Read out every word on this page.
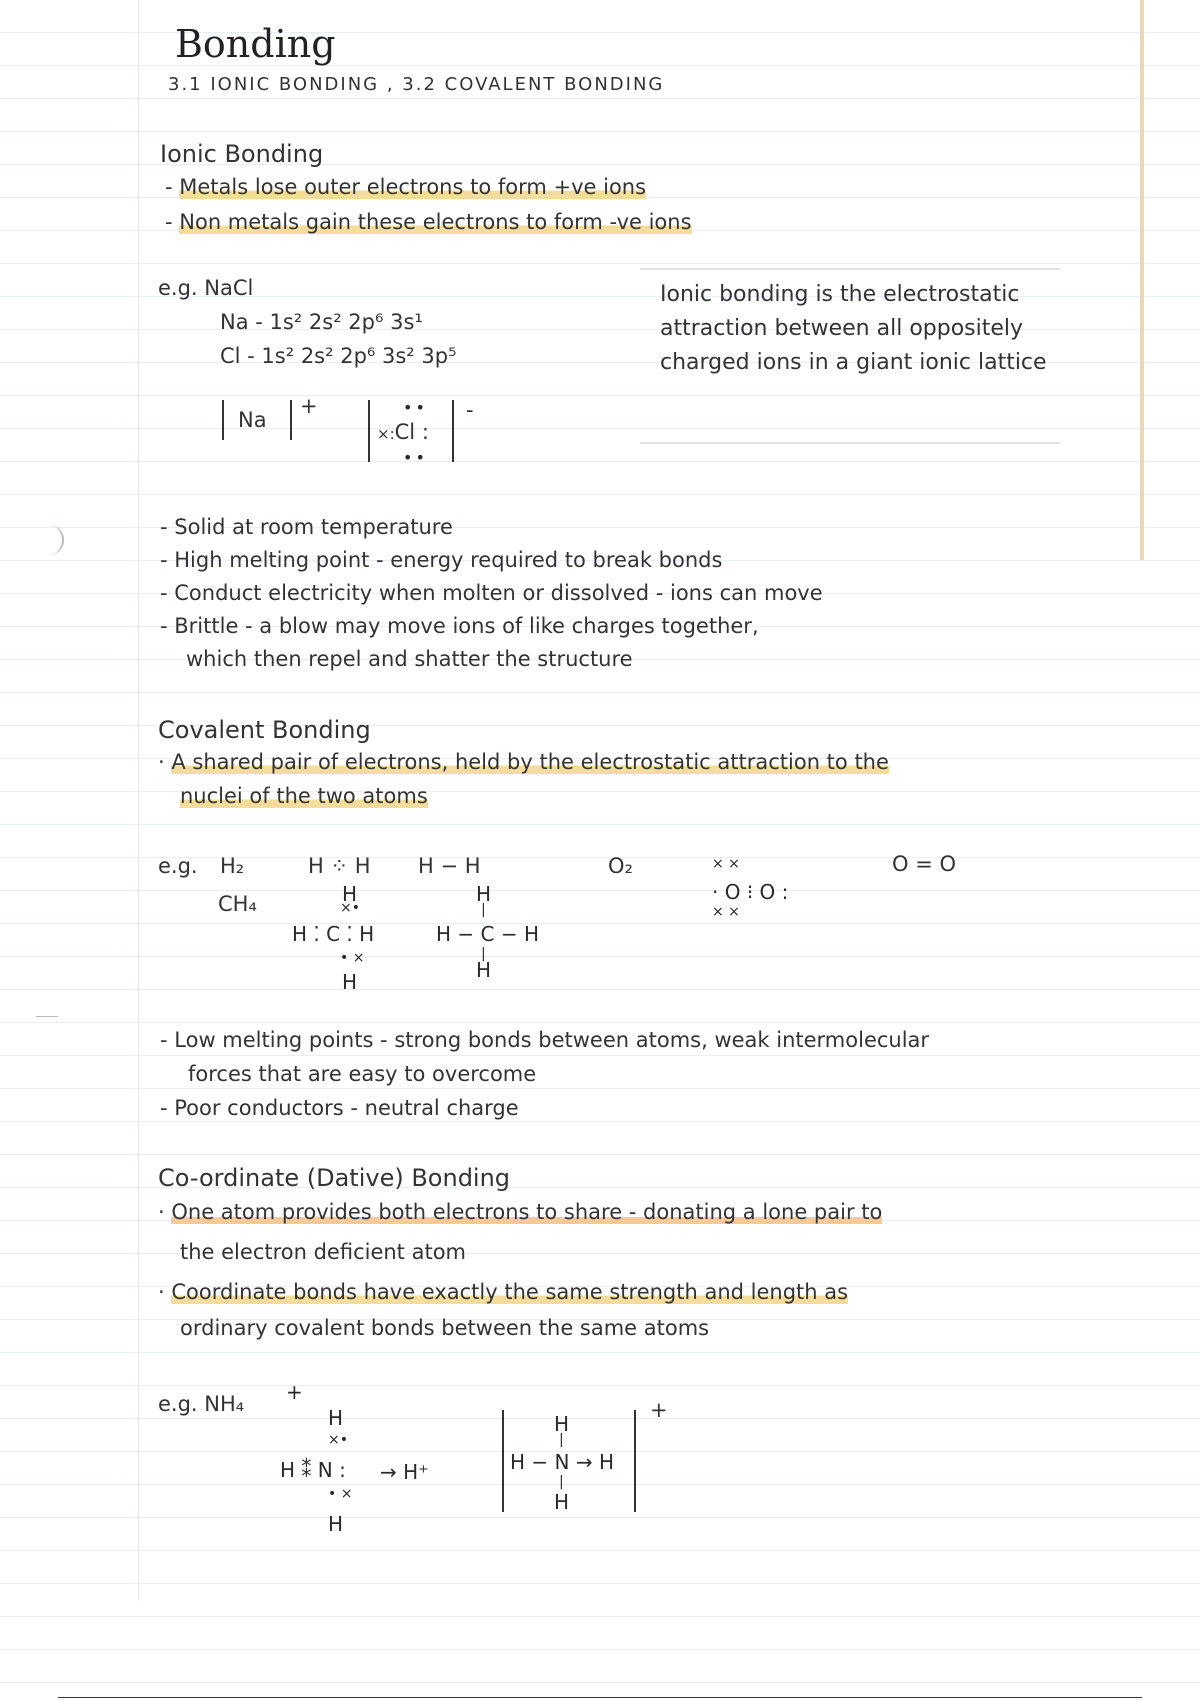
Bonding
3.1 IONIC BONDING , 3.2 COVALENT BONDING
Ionic Bonding
- Metals lose outer electrons to form +ve ions
- Non metals gain these electrons to form -ve ions
e.g. NaCl
Na - 1s² 2s² 2p⁶ 3s¹
Cl - 1s² 2s² 2p⁶ 3s² 3p⁵
Na
+	••
×:Cl :
••
-
Ionic bonding is the electrostatic attraction between all oppositely charged ions in a giant ionic lattice
- Solid at room temperature
- High melting point - energy required to break bonds
- Conduct electricity when molten or dissolved - ions can move
- Brittle - a blow may move ions of like charges together,
which then repel and shatter the structure
Covalent Bonding
· A shared pair of electrons, held by the electrostatic attraction to the
nuclei of the two atoms
e.g. H₂
CH₄
H ⁘ H H − H
H
×•
H ⁚ C ⁚ H
• ×
H
H
|
H − C − H
|
H
O₂	× ×
· O ⁝ O :
× ×
O = O
- Low melting points - strong bonds between atoms, weak intermolecular
forces that are easy to overcome
- Poor conductors - neutral charge
Co-ordinate (Dative) Bonding
· One atom provides both electrons to share - donating a lone pair to
the electron deficient atom
· Coordinate bonds have exactly the same strength and length as
ordinary covalent bonds between the same atoms
e.g. NH₄ +
H
×•
H ⁑ N : → H⁺
• ×
H
H
|
H − N → H
|
H
+
